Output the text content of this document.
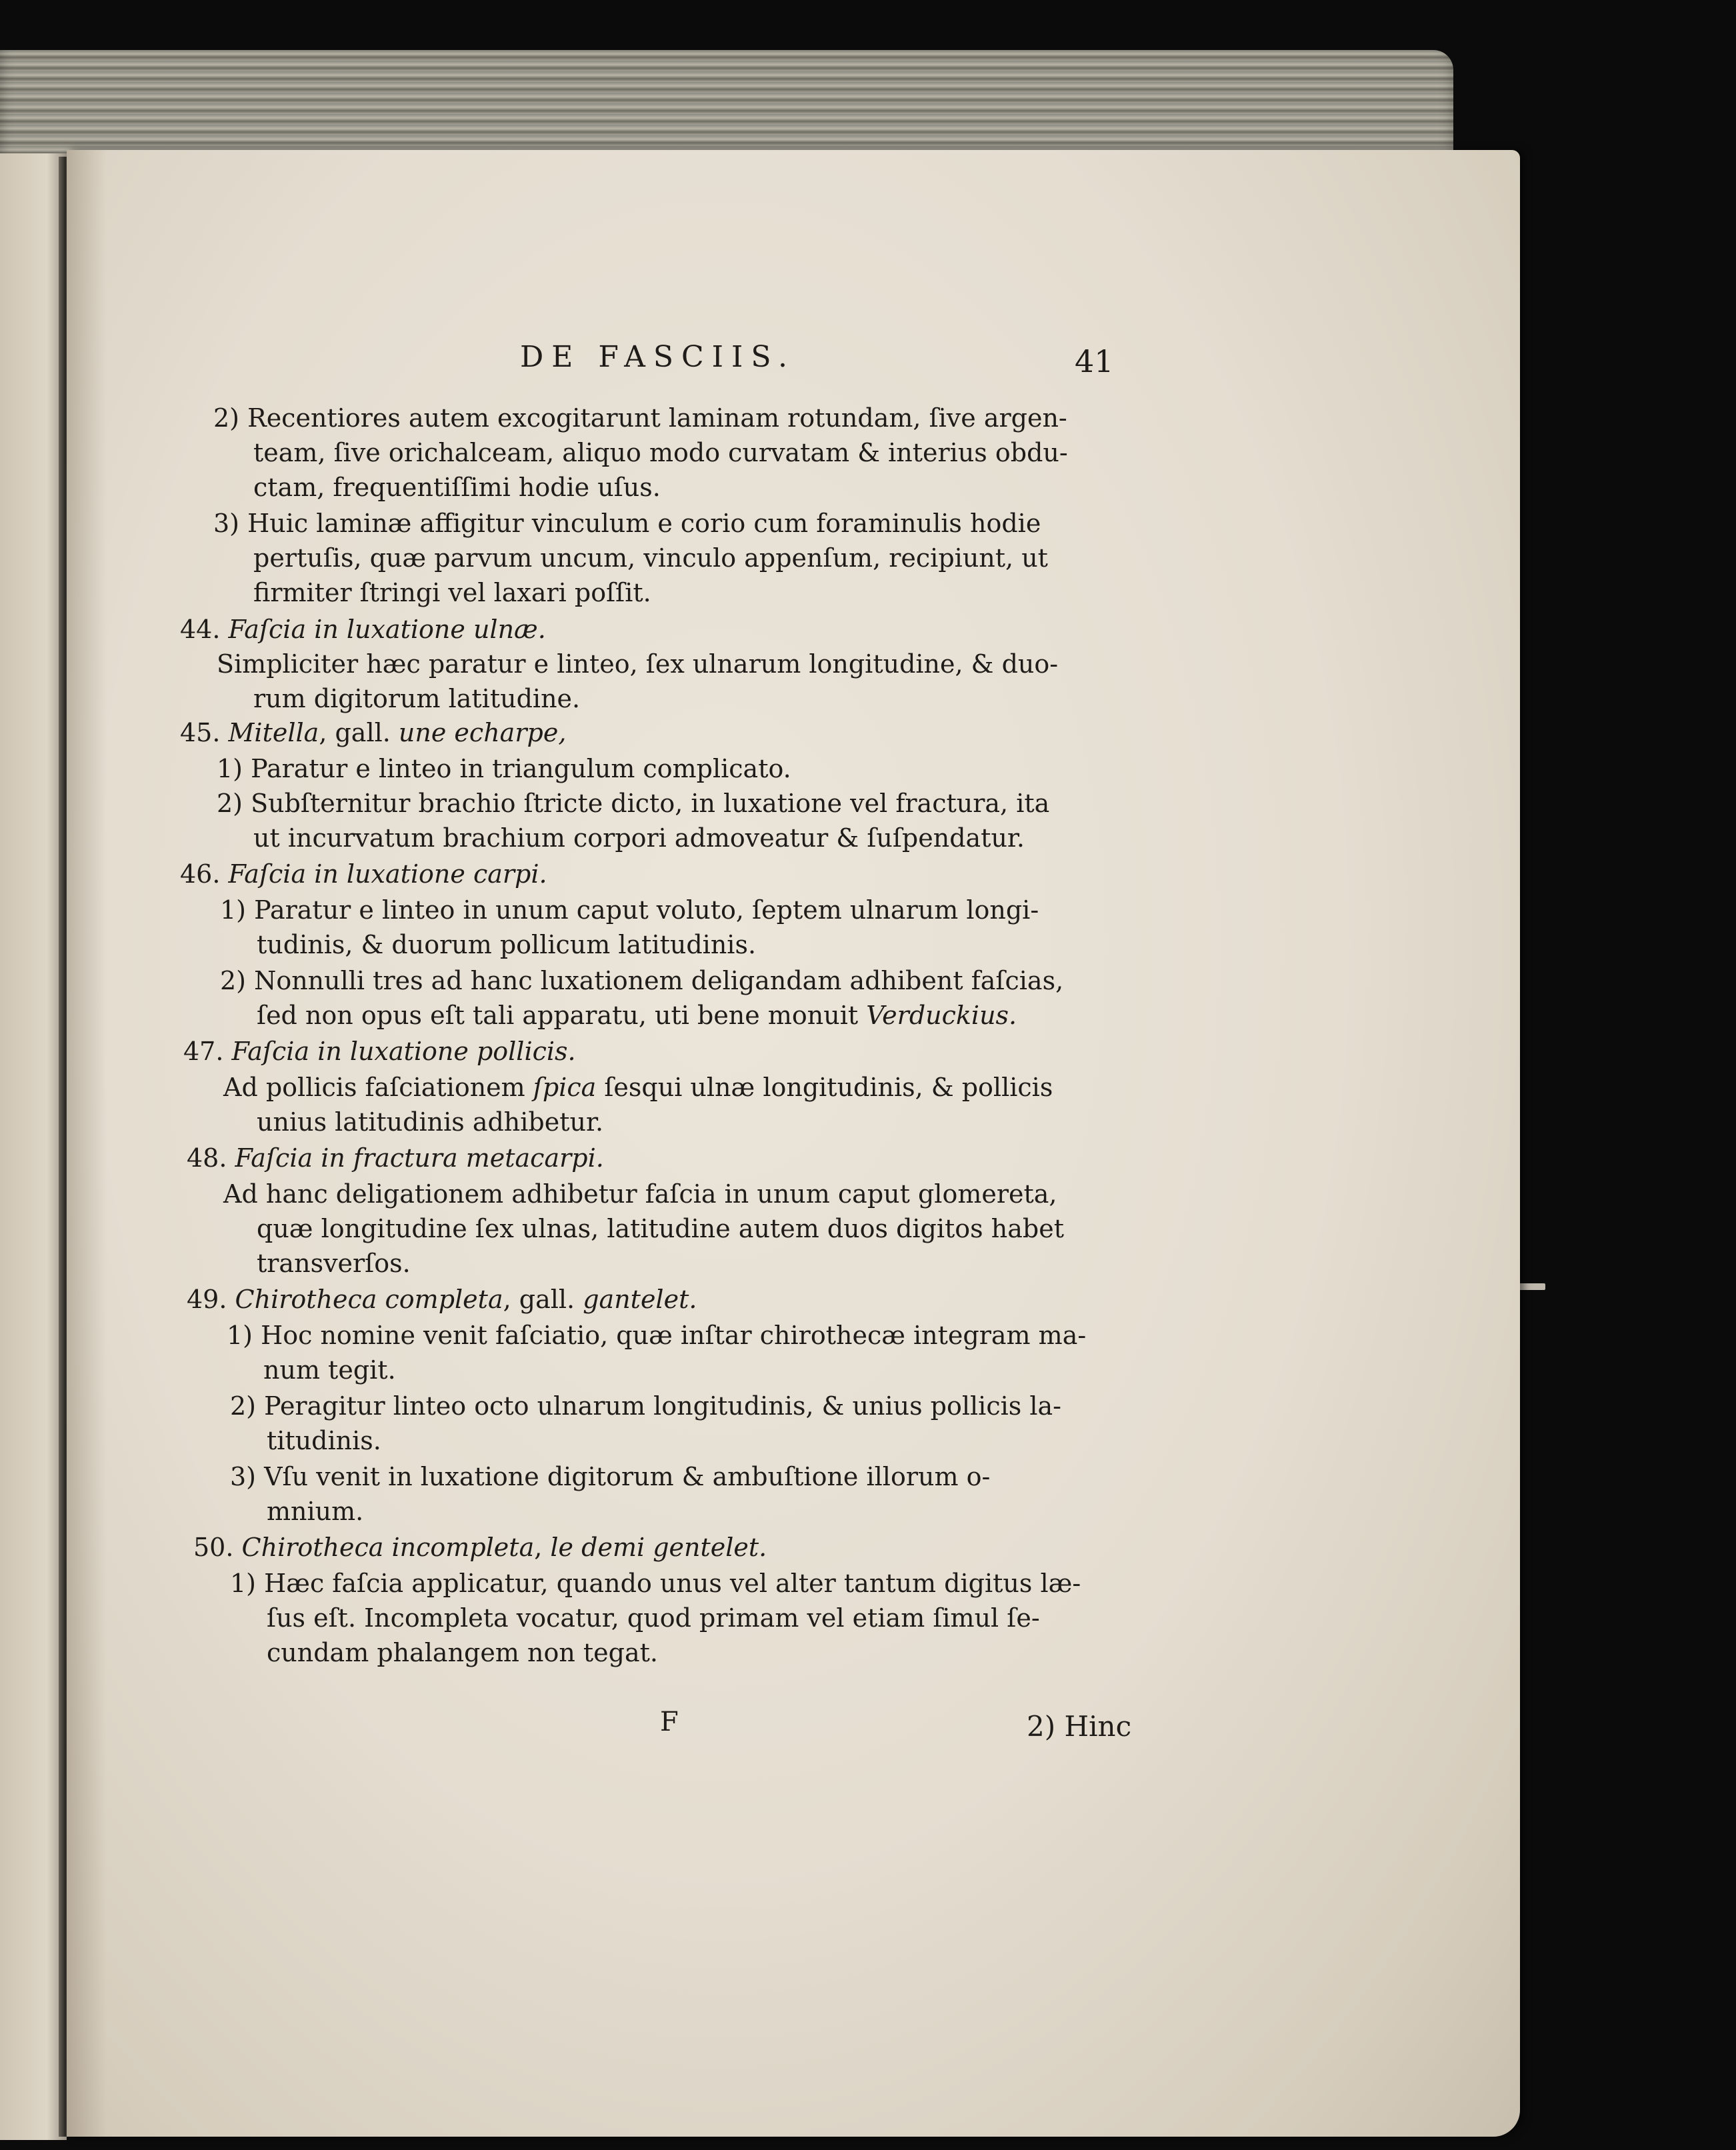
DE FASCIIS.	41
2) Recentiores autem excogitarunt laminam rotundam, ſive argen-
team, ſive orichalceam, aliquo modo curvatam & interius obdu-
ctam, frequentiſſimi hodie uſus.
3) Huic laminæ affigitur vinculum e corio cum foraminulis hodie
pertuſis, quæ parvum uncum, vinculo appenſum, recipiunt, ut
firmiter ſtringi vel laxari poſſit.
44. Faſcia in luxatione ulnæ.
Simpliciter hæc paratur e linteo, ſex ulnarum longitudine, & duo-
rum digitorum latitudine.
45. Mitella, gall. une echarpe,
1) Paratur e linteo in triangulum complicato.
2) Subſternitur brachio ſtricte dicto, in luxatione vel fractura, ita
ut incurvatum brachium corpori admoveatur & ſuſpendatur.
46. Faſcia in luxatione carpi.
1) Paratur e linteo in unum caput voluto, ſeptem ulnarum longi-
tudinis, & duorum pollicum latitudinis.
2) Nonnulli tres ad hanc luxationem deligandam adhibent faſcias,
ſed non opus eſt tali apparatu, uti bene monuit Verduckius.
47. Faſcia in luxatione pollicis.
Ad pollicis faſciationem ſpica ſesqui ulnæ longitudinis, & pollicis
unius latitudinis adhibetur.
48. Faſcia in fractura metacarpi.
Ad hanc deligationem adhibetur faſcia in unum caput glomereta,
quæ longitudine ſex ulnas, latitudine autem duos digitos habet
transverſos.
49. Chirotheca completa, gall. gantelet.
1) Hoc nomine venit faſciatio, quæ inſtar chirothecæ integram ma-
num tegit.
2) Peragitur linteo octo ulnarum longitudinis, & unius pollicis la-
titudinis.
3) Vſu venit in luxatione digitorum & ambuſtione illorum o-
mnium.
50. Chirotheca incompleta, le demi gentelet.
1) Hæc faſcia applicatur, quando unus vel alter tantum digitus læ-
ſus eſt. Incompleta vocatur, quod primam vel etiam ſimul ſe-
cundam phalangem non tegat.
F	2) Hinc
